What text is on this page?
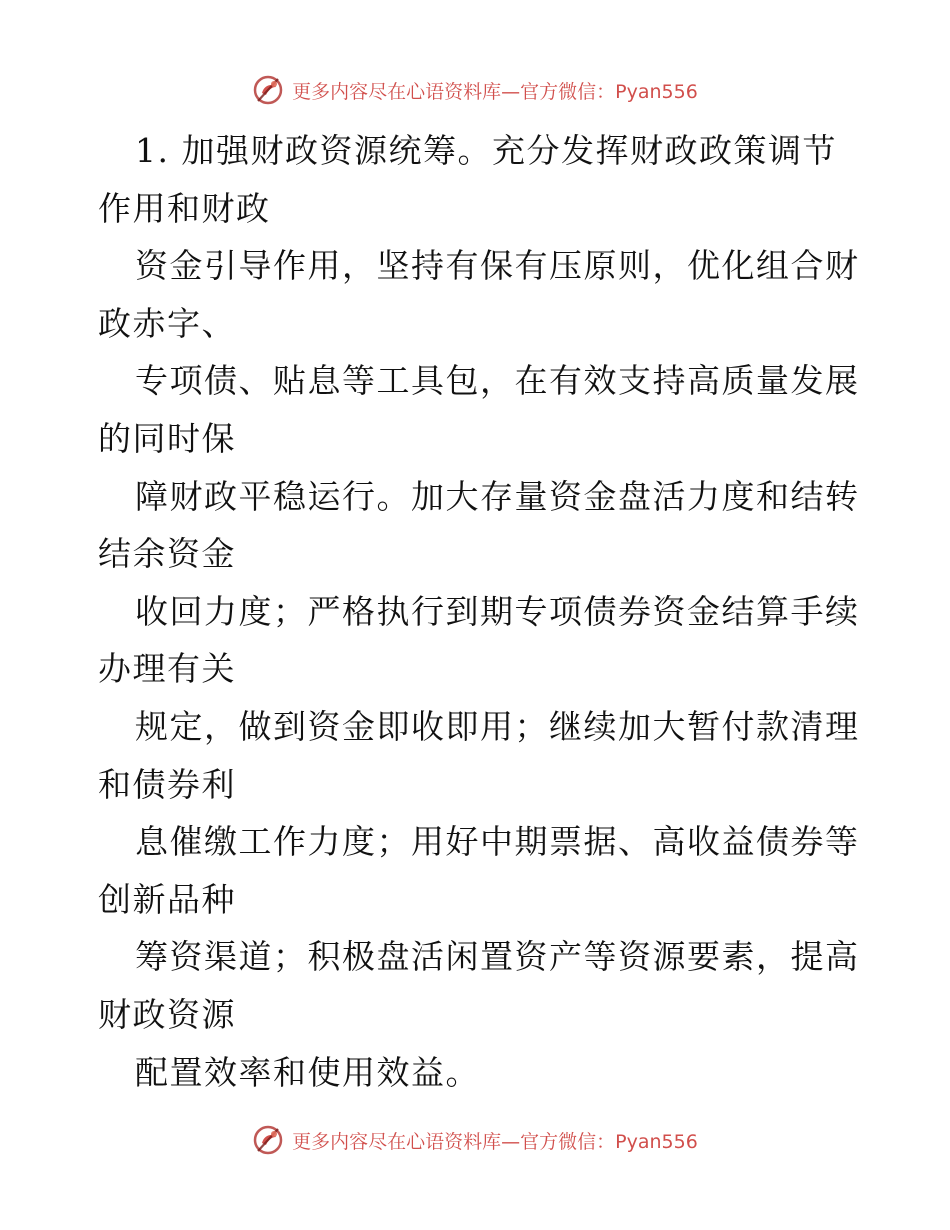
更多内容尽在心语资料库—官方微信：Pyan556
1. 加强财政资源统筹。充分发挥财政政策调节
作用和财政
资金引导作用，坚持有保有压原则，优化组合财
政赤字、
专项债、贴息等工具包，在有效支持高质量发展
的同时保
障财政平稳运行。加大存量资金盘活力度和结转
结余资金
收回力度；严格执行到期专项债券资金结算手续
办理有关
规定，做到资金即收即用；继续加大暂付款清理
和债券利
息催缴工作力度；用好中期票据、高收益债券等
创新品种
筹资渠道；积极盘活闲置资产等资源要素，提高
财政资源
配置效率和使用效益。
更多内容尽在心语资料库—官方微信：Pyan556
